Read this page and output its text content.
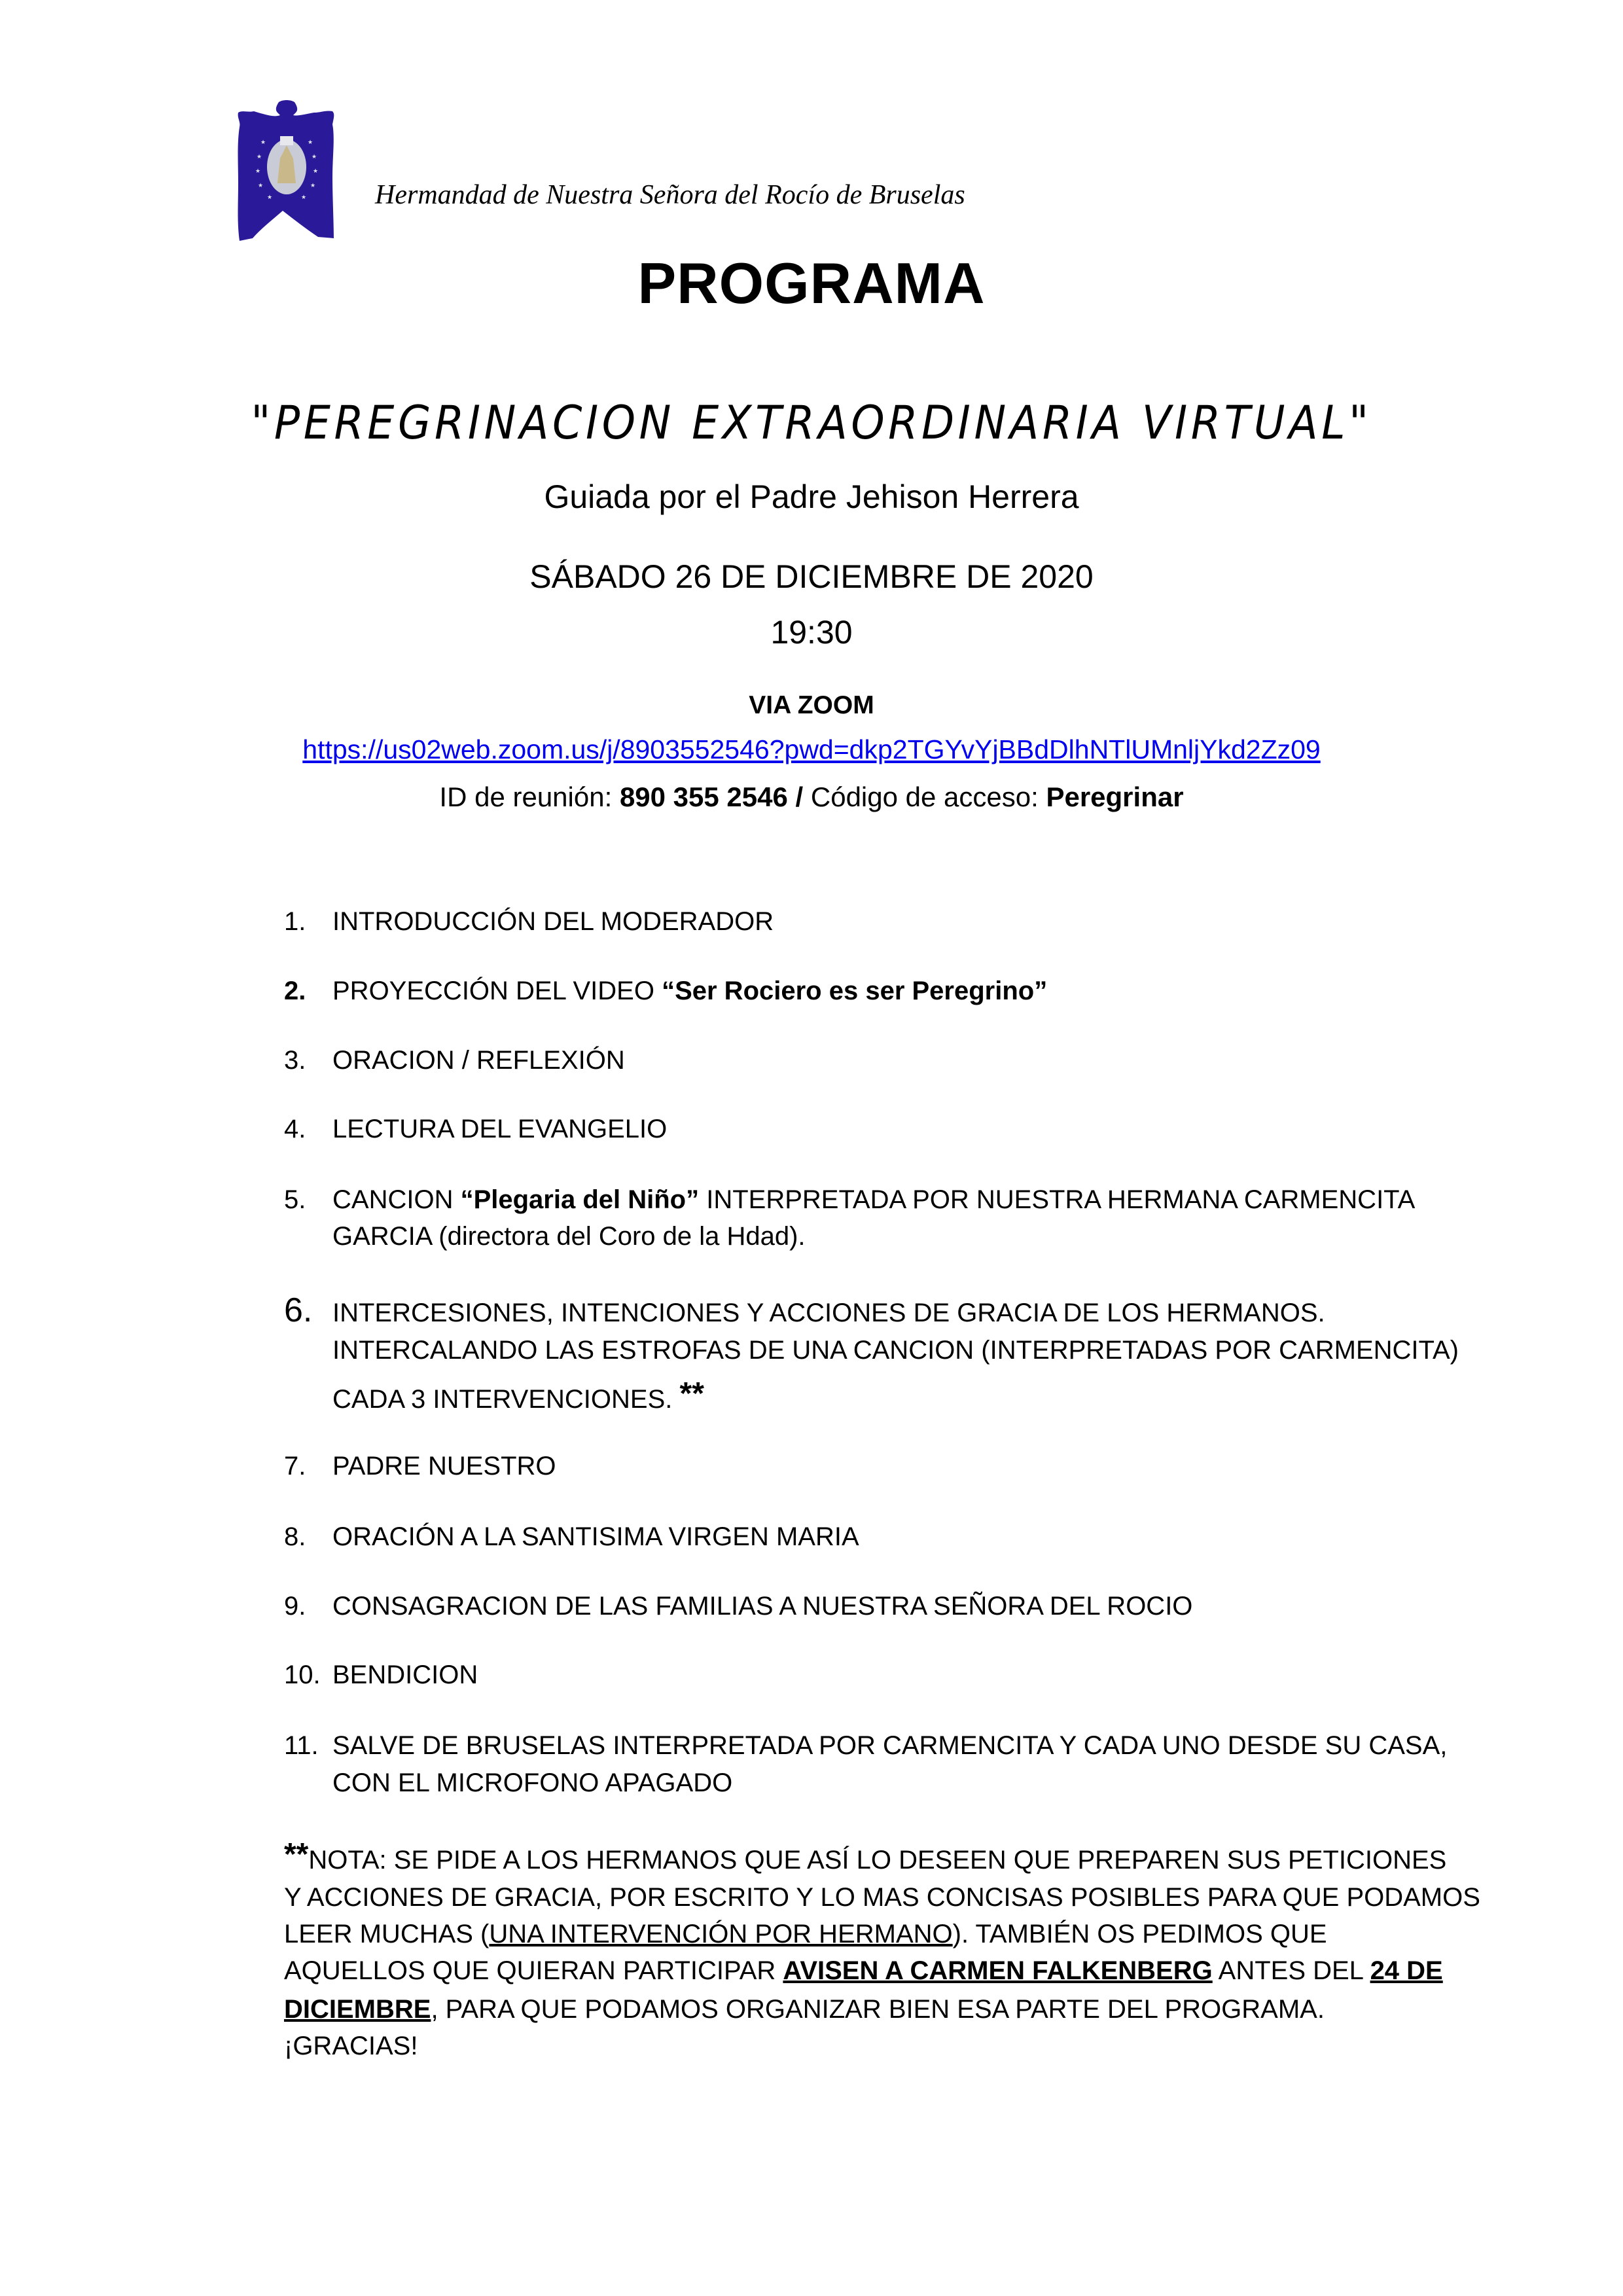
★	★
★	★
★	★
★	★
★	★ Hermandad de Nuestra Señora del Rocío de Bruselas
PROGRAMA
"PEREGRINACION EXTRAORDINARIA VIRTUAL"
Guiada por el Padre Jehison Herrera
SÁBADO 26 DE DICIEMBRE DE 2020
19:30
VIA ZOOM
https://us02web.zoom.us/j/8903552546?pwd=dkp2TGYvYjBBdDlhNTlUMnljYkd2Zz09
ID de reunión: 890 355 2546 / Código de acceso: Peregrinar
1. INTRODUCCIÓN DEL MODERADOR
2. PROYECCIÓN DEL VIDEO “Ser Rociero es ser Peregrino”
3. ORACION / REFLEXIÓN
4. LECTURA DEL EVANGELIO
5. CANCION “Plegaria del Niño” INTERPRETADA POR NUESTRA HERMANA CARMENCITA
GARCIA (directora del Coro de la Hdad).
6. INTERCESIONES, INTENCIONES Y ACCIONES DE GRACIA DE LOS HERMANOS.
INTERCALANDO LAS ESTROFAS DE UNA CANCION (INTERPRETADAS POR CARMENCITA)
CADA 3 INTERVENCIONES. **
7. PADRE NUESTRO
8. ORACIÓN A LA SANTISIMA VIRGEN MARIA
9. CONSAGRACION DE LAS FAMILIAS A NUESTRA SEÑORA DEL ROCIO
10. BENDICION
11. SALVE DE BRUSELAS INTERPRETADA POR CARMENCITA Y CADA UNO DESDE SU CASA,
CON EL MICROFONO APAGADO
**NOTA: SE PIDE A LOS HERMANOS QUE ASÍ LO DESEEN QUE PREPAREN SUS PETICIONES
Y ACCIONES DE GRACIA, POR ESCRITO Y LO MAS CONCISAS POSIBLES PARA QUE PODAMOS
LEER MUCHAS (UNA INTERVENCIÓN POR HERMANO). TAMBIÉN OS PEDIMOS QUE
AQUELLOS QUE QUIERAN PARTICIPAR AVISEN A CARMEN FALKENBERG ANTES DEL 24 DE
DICIEMBRE, PARA QUE PODAMOS ORGANIZAR BIEN ESA PARTE DEL PROGRAMA.
¡GRACIAS!
